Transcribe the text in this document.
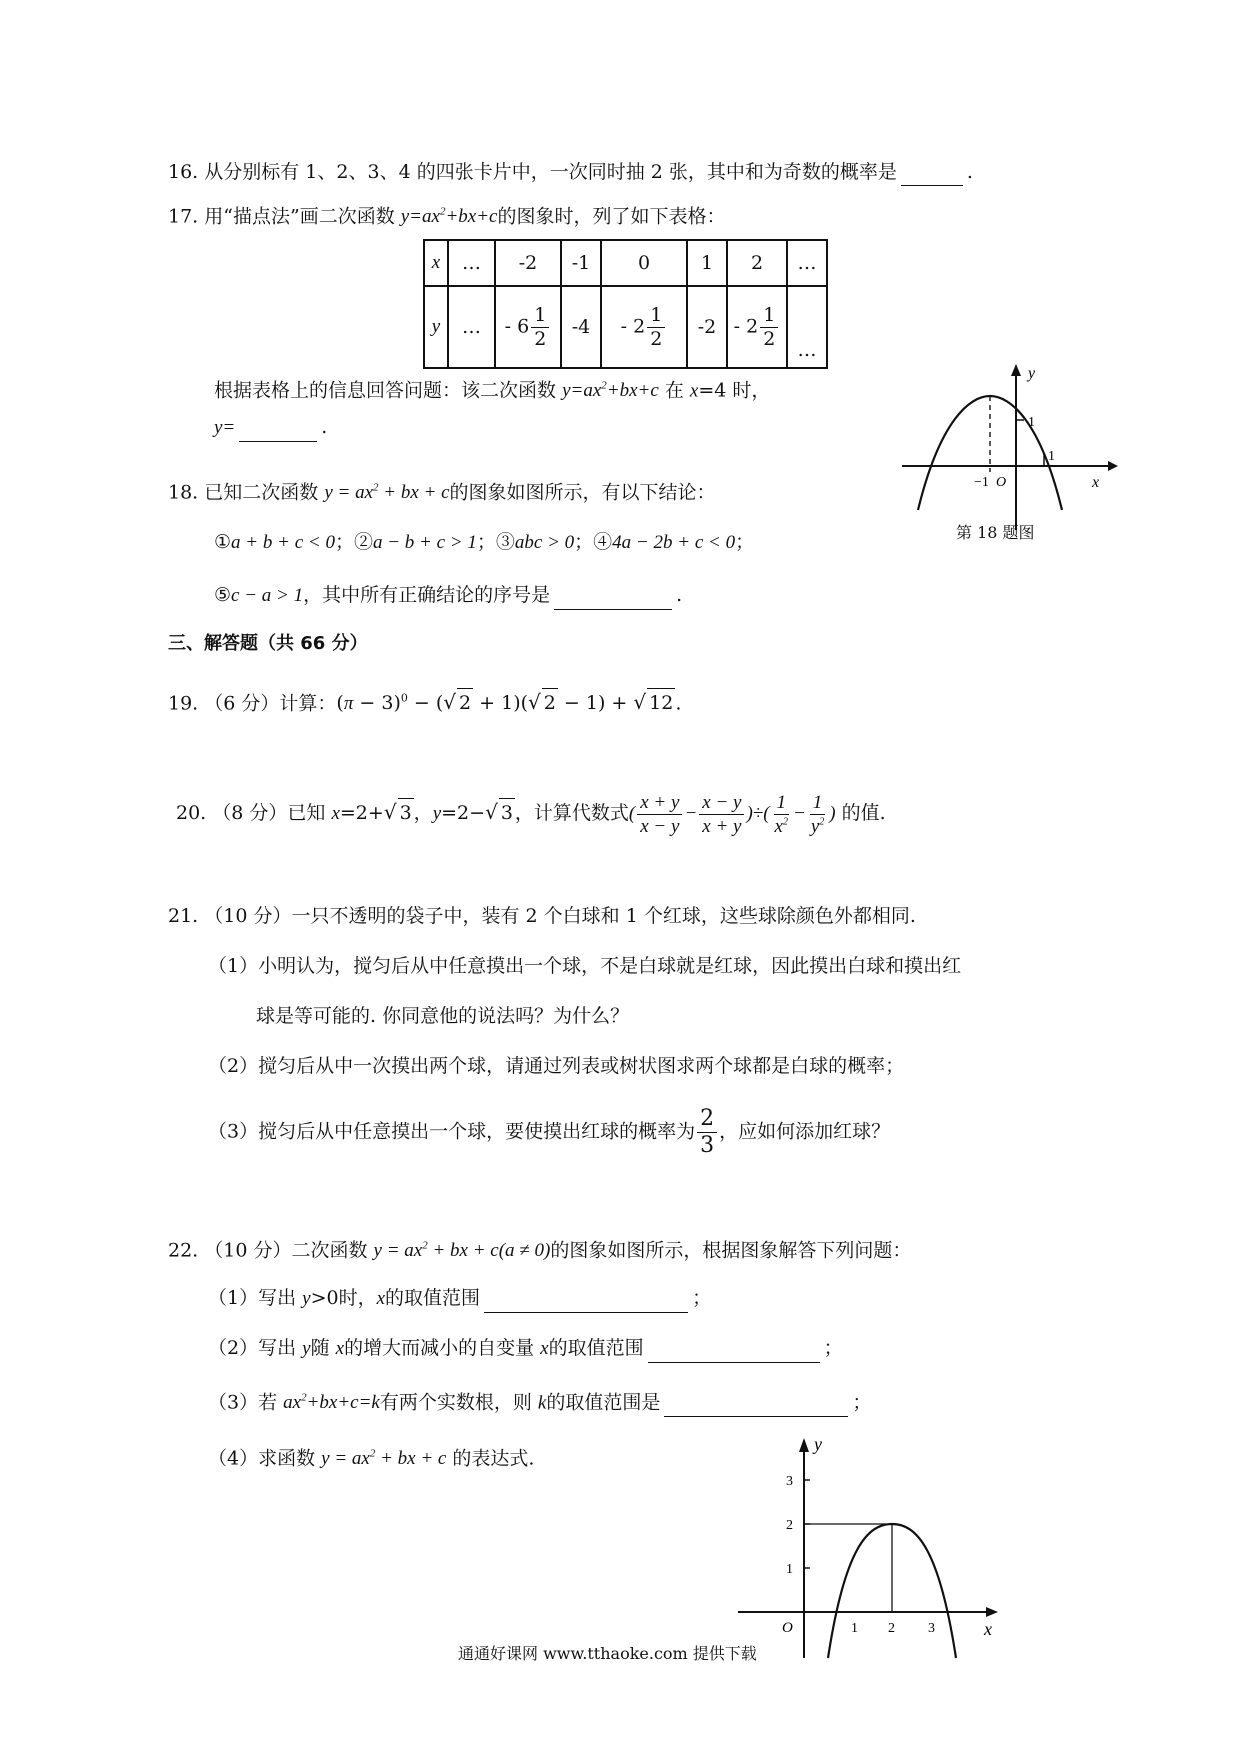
16. 从分别标有 1、2、3、4 的四张卡片中，一次同时抽 2 张，其中和为奇数的概率是	.
17. 用“描点法”画二次函数 $y=ax^2+bx+c$的图象时，列了如下表格：
x	…	-2	-1	0	1	2	…
y	…	- $6 \frac{1}{2}$	-4	- $2 \frac{1}{2}$	-2	- $2 \frac{1}{2}$	…
根据表格上的信息回答问题：该二次函数 $y=ax^2+bx+c$ 在 x=4 时，
y=	.
18. 已知二次函数 $y = ax^2$ + bx + c的图象如图所示，有以下结论：
①a + b + c < 0；②a − b + c > 1；③abc > 0；④4a − 2b + c < 0；
⑤c − a > 1，其中所有正确结论的序号是	.
y
x
1
1
−1 O
第 18 题图
三、解答题（共 66 分）
19. （6 分）计算：$(\pi - 3)^0$ − (√ 2 + 1)(√ 2 − 1) + √ 12 .
20. （8 分）已知 x=2+√ 3 ，y=2−√ 3 ，计算代数式( $\frac{x + y}{x - y} - \frac{x - y}{x + y}$ )÷( $\frac{1}{x^2} - \frac{1}{y^2}$ ) 的值.
21. （10 分）一只不透明的袋子中，装有 2 个白球和 1 个红球，这些球除颜色外都相同.
（1）小明认为，搅匀后从中任意摸出一个球，不是白球就是红球，因此摸出白球和摸出红
球是等可能的. 你同意他的说法吗？为什么？
（2）搅匀后从中一次摸出两个球，请通过列表或树状图求两个球都是白球的概率；
（3）搅匀后从中任意摸出一个球，要使摸出红球的概率为 $\frac{2}{3}$ ，应如何添加红球？
22. （10 分）二次函数 $y = ax^2$ + bx + c(a ≠ 0)的图象如图所示，根据图象解答下列问题：
（1）写出 y>0时，x的取值范围	；
（2）写出 y随 x的增大而减小的自变量 x的取值范围	；
（3）若 $ax^2+bx+c=k$有两个实数根，则 k的取值范围是	；
（4）求函数 $y = ax^2$ + bx + c 的表达式.
y
x
O
3
2
1
1 2 3
通通好课网 www.tthaoke.com 提供下载
